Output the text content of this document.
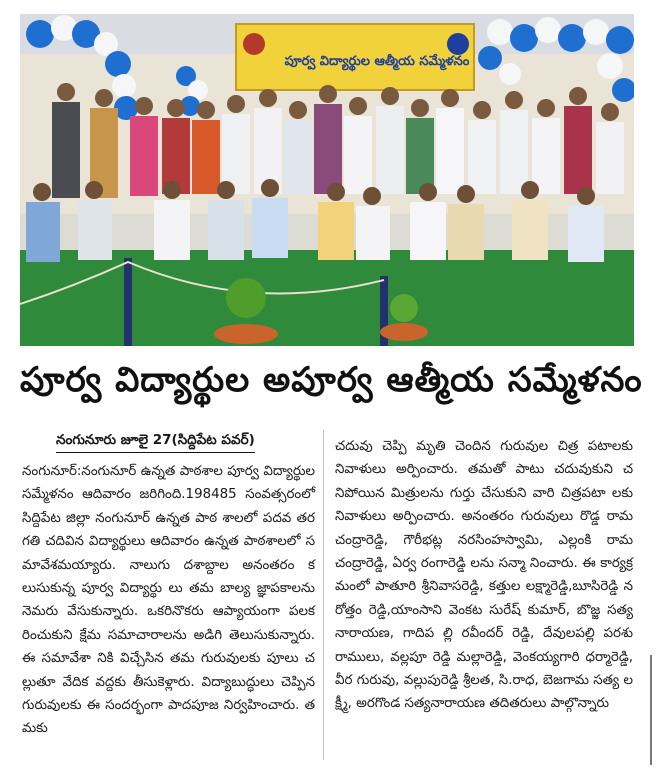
పూర్వ విద్యార్థుల ఆత్మీయ సమ్మేళనం
పూర్వ విద్యార్థుల అపూర్వ ఆత్మీయ సమ్మేళనం
నంగునూరు జూలై 27(సిద్దిపేట పవర్)
నంగునూర్:నంగునూర్ ఉన్నత పాఠశాల పూర్వ విద్యార్థుల సమ్మేళనం ఆదివారం జరిగింది.198485 సంవత్సరంలో సిద్దిపేట జిల్లా నంగునూర్ ఉన్నత పాఠ శాలలో పదవ తరగతి చదివిన విద్యార్థులు ఆదివారం ఉన్నత పాఠశాలలో సమావేశమయ్యారు. నాలుగు దశాబ్దాల అనంతరం కలుసుకున్న పూర్వ విద్యార్థు లు తమ బాల్య జ్ఞాపకాలను నెమరు వేసుకున్నారు. ఒకరినొకరు ఆప్యాయంగా పలకరించుకుని క్షేమ సమాచారాలను అడిగి తెలుసుకున్నారు. ఈ సమావేశా నికి విచ్చేసిన తమ గురువులకు పూలు చల్లుతూ వేదిక వద్దకు తీసుకెళ్లారు. విద్యాబుద్ధులు చెప్పిన గురువులకు ఈ సందర్భంగా పాదపూజ నిర్వహించారు. తమకు
చదువు చెప్పి మృతి చెందిన గురువుల చిత్ర పటాలకు నివాళులు అర్పించారు. తమతో పాటు చదువుకుని చనిపోయిన మిత్రులను గుర్తు చేసుకుని వారి చిత్రపటా లకు నివాళులు అర్పించారు. అనంతరం గురువులు రొడ్డ రామచంద్రారెడ్డి, గౌరీభట్ల నరసింహస్వామి, ఎల్లంకి రామచంద్రారెడ్డి, ఏర్వ రంగారెడ్డి లను సన్మా నించారు. ఈ కార్యక్రమంలో పాతూరి శ్రీనివాసరెడ్డి, కత్తుల లక్ష్మారెడ్డి,బూసిరెడ్డి నరోత్తం రెడ్డి,యాంసాని వెంకట సురేష్ కుమార్, బొజ్జ సత్యనారాయణ, గాదిప ల్లి రవీందర్ రెడ్డి, దేవులపల్లి పరశు రాములు, వల్లపూ రెడ్డి మల్లారెడ్డి, వెంకయ్యగారి ధర్మారెడ్డి, వీర గురువు, వల్లుపురెడ్డి శ్రీలత, సి.రాధ, బెజగామ సత్య లక్ష్మీ, అరగొండ సత్యనారాయణ తదితరులు పాల్గొన్నారు
